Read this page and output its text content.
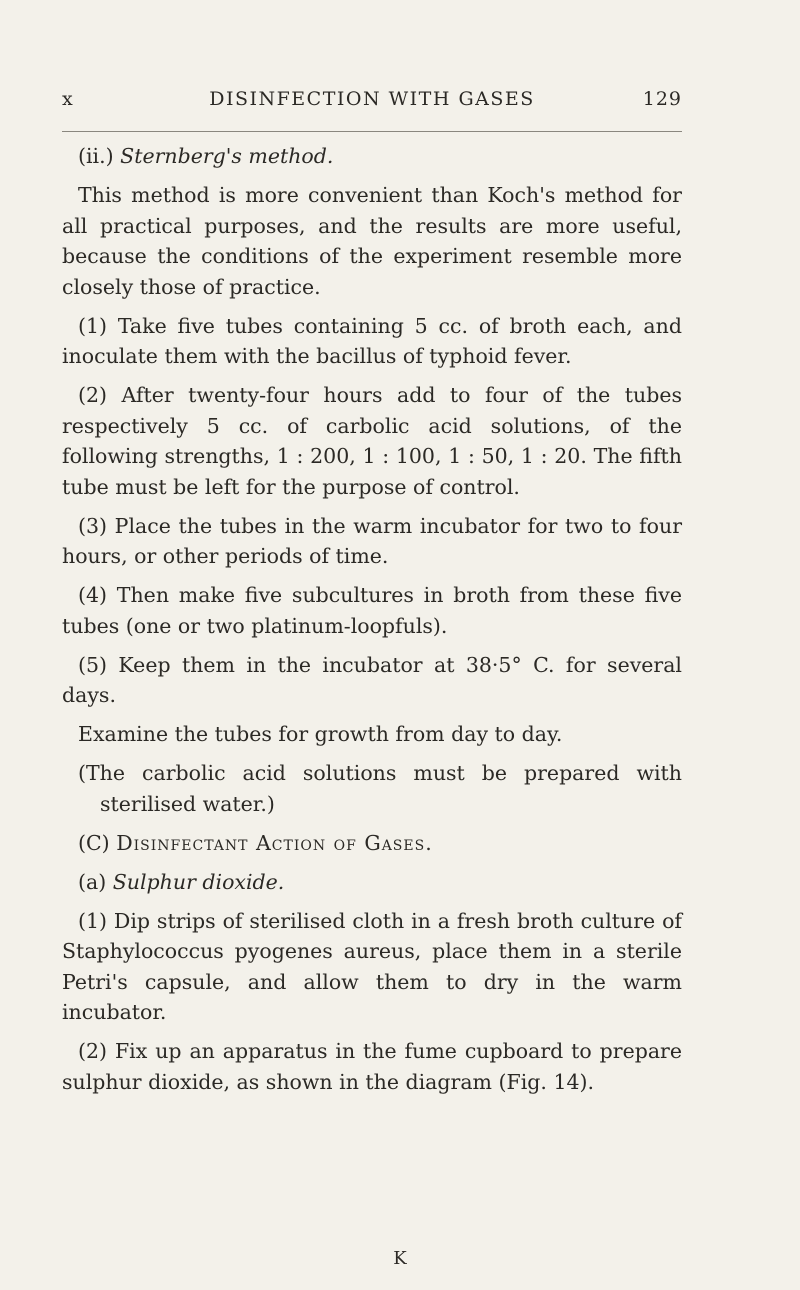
x	DISINFECTION WITH GASES	129

(ii.) Sternberg's method.

This method is more convenient than Koch's method for all practical purposes, and the results are more useful, because the conditions of the experiment resemble more closely those of practice.

(1) Take five tubes containing 5 cc. of broth each, and inoculate them with the bacillus of typhoid fever.

(2) After twenty-four hours add to four of the tubes respectively 5 cc. of carbolic acid solutions, of the following strengths, 1 : 200, 1 : 100, 1 : 50, 1 : 20. The fifth tube must be left for the purpose of control.

(3) Place the tubes in the warm incubator for two to four hours, or other periods of time.

(4) Then make five subcultures in broth from these five tubes (one or two platinum-loopfuls).

(5) Keep them in the incubator at 38·5° C. for several days.

Examine the tubes for growth from day to day.

(The carbolic acid solutions must be prepared with sterilised water.)

(C) Disinfectant Action of Gases.

(a) Sulphur dioxide.

(1) Dip strips of sterilised cloth in a fresh broth culture of Staphylococcus pyogenes aureus, place them in a sterile Petri's capsule, and allow them to dry in the warm incubator.

(2) Fix up an apparatus in the fume cupboard to prepare sulphur dioxide, as shown in the diagram (Fig. 14).

K
